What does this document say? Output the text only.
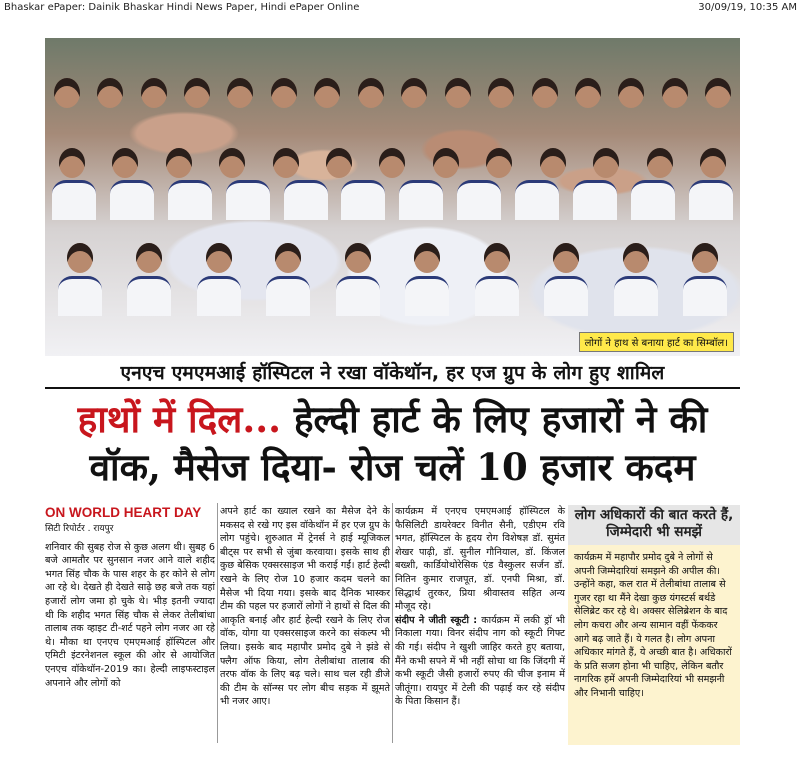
Bhaskar ePaper: Dainik Bhaskar Hindi News Paper, Hindi ePaper Online	30/09/19, 10:35 AM
लोगों ने हाथ से बनाया हार्ट का सिम्बॉल।
एनएच एमएमआई हॉस्पिटल ने रखा वॉकेथॉन, हर एज ग्रुप के लोग हुए शामिल
हाथों में दिल... हेल्दी हार्ट के लिए हजारों ने की वॉक, मैसेज दिया- रोज चलें 10 हजार कदम
ON WORLD HEART DAY
सिटी रिपोर्टर . रायपुर

शनिवार की सुबह रोज से कुछ अलग थी। सुबह 6 बजे आमतौर पर सुनसान नजर आने वाले शहीद भगत सिंह चौक के पास शहर के हर कोने से लोग आ रहे थे। देखते ही देखते साढ़े छह बजे तक यहां हजारों लोग जमा हो चुके थे। भीड़ इतनी ज्यादा थी कि शहीद भगत सिंह चौक से लेकर तेलीबांधा तालाब तक व्हाइट टी-शर्ट पहने लोग नजर आ रहे थे। मौका था एनएच एमएमआई हॉस्पिटल और एमिटी इंटरनेशनल स्कूल की ओर से आयोजित एनएच वॉकेथॉन-2019 का। हेल्दी लाइफस्टाइल अपनाने और लोगों को

अपने हार्ट का ख्याल रखने का मैसेज देने के मकसद से रखे गए इस वॉकेथॉन में हर एज ग्रुप के लोग पहुंचे। शुरुआत में ट्रेनर्स ने हाई म्यूजिकल बीट्स पर सभी से जुंबा करवाया। इसके साथ ही कुछ बेसिक एक्सरसाइज भी कराई गईं। हार्ट हेल्दी रखने के लिए रोज 10 हजार कदम चलने का मैसेज भी दिया गया। इसके बाद दैनिक भास्कर टीम की पहल पर हजारों लोगों ने हाथों से दिल की आकृति बनाई और हार्ट हेल्दी रखने के लिए रोज वॉक, योगा या एक्सरसाइज करने का संकल्प भी लिया। इसके बाद महापौर प्रमोद दुबे ने झंडे से फ्लैग ऑफ किया, लोग तेलीबांधा तालाब की तरफ वॉक के लिए बढ़ चले। साथ चल रही डीजे की टीम के सॉन्ग्स पर लोग बीच सड़क में झूमते भी नजर आए।

कार्यक्रम में एनएच एमएमआई हॉस्पिटल के फैसिलिटी डायरेक्टर विनीत सैनी, एडीएम रवि भगत, हॉस्पिटल के हृदय रोग विशेषज्ञ डॉ. सुमंत शेखर पाढ़ी, डॉ. सुनील गौनियाल, डॉ. किंजल बख्शी, कार्डियोथोरेसिक एंड वैस्कुलर सर्जन डॉ. नितिन कुमार राजपूत, डॉ. एनपी मिश्रा, डॉ. सिद्धार्थ तुरकर, प्रिया श्रीवास्तव सहित अन्य मौजूद रहे।

संदीप ने जीती स्कूटी : कार्यक्रम में लकी ड्रॉ भी निकाला गया। विनर संदीप नाग को स्कूटी गिफ्ट की गई। संदीप ने खुशी जाहिर करते हुए बताया, मैंने कभी सपने में भी नहीं सोचा था कि जिंदगी में कभी स्कूटी जैसी हजारों रुपए की चीज इनाम में जीतूंगा। रायपुर में टेली की पढ़ाई कर रहे संदीप के पिता किसान हैं।

लोग अधिकारों की बात करते हैं, जिम्मेदारी भी समझें
कार्यक्रम में महापौर प्रमोद दुबे ने लोगों से अपनी जिम्मेदारियां समझने की अपील की। उन्होंने कहा, कल रात में तेलीबांधा तालाब से गुजर रहा था मैंने देखा कुछ यंगस्टर्स बर्थडे सेलिब्रेट कर रहे थे। अक्सर सेलिब्रेशन के बाद लोग कचरा और अन्य सामान वहीं फेंककर आगे बढ़ जाते हैं। ये गलत है। लोग अपना अधिकार मांगते हैं, ये अच्छी बात है। अधिकारों के प्रति सजग होना भी चाहिए, लेकिन बतौर नागरिक हमें अपनी जिम्मेदारियां भी समझनी और निभानी चाहिए।
